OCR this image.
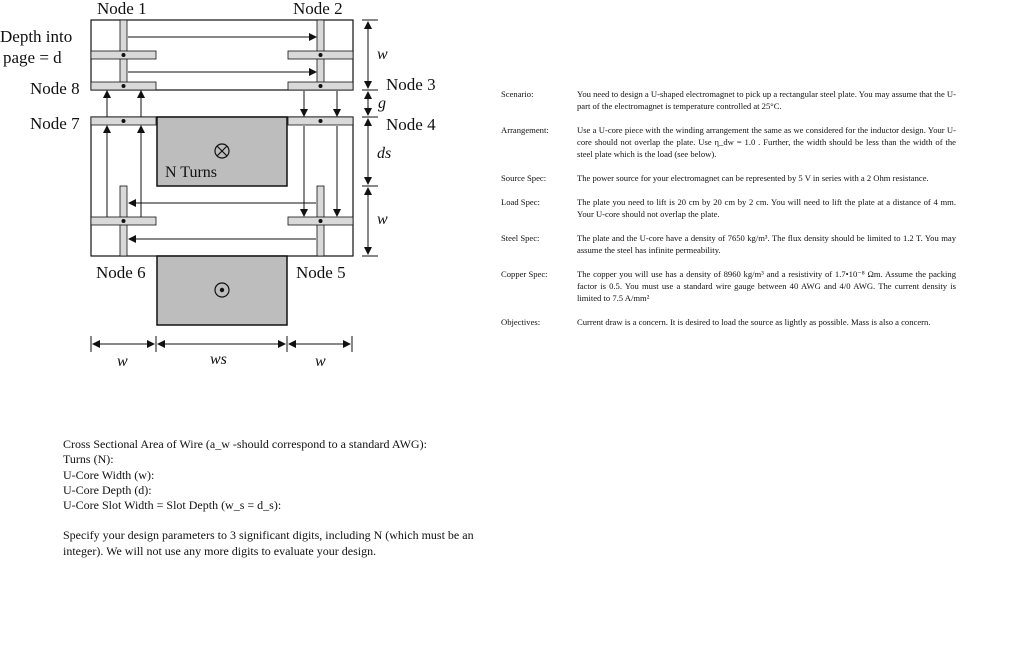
Node 1	Node 2
Node 3
Node 4
Node 5
Node 6
Node 7
Node 8
Depth into
page = d
N Turns
w
g
ds
w
w	ws	w
Scenario:	You need to design a U-shaped electromagnet to pick up a rectangular steel plate. You may assume that the U-part of the electromagnet is temperature controlled at 25°C.
Arrangement:	Use a U-core piece with the winding arrangement the same as we considered for the inductor design. Your U-core should not overlap the plate. Use η_dw = 1.0 . Further, the width should be less than the width of the steel plate which is the load (see below).
Source Spec:	The power source for your electromagnet can be represented by 5 V in series with a 2 Ohm resistance.
Load Spec:	The plate you need to lift is 20 cm by 20 cm by 2 cm. You will need to lift the plate at a distance of 4 mm. Your U-core should not overlap the plate.
Steel Spec:	The plate and the U-core have a density of 7650 kg/m³. The flux density should be limited to 1.2 T. You may assume the steel has infinite permeability.
Copper Spec:	The copper you will use has a density of 8960 kg/m³ and a resistivity of 1.7•10⁻⁸ Ωm. Assume the packing factor is 0.5. You must use a standard wire gauge between 40 AWG and 4/0 AWG. The current density is limited to 7.5 A/mm²
Objectives:	Current draw is a concern. It is desired to load the source as lightly as possible. Mass is also a concern.
Cross Sectional Area of Wire (a_w -should correspond to a standard AWG):
Turns (N):
U-Core Width (w):
U-Core Depth (d):
U-Core Slot Width = Slot Depth (w_s = d_s):
Specify your design parameters to 3 significant digits, including N (which must be an integer). We will not use any more digits to evaluate your design.
